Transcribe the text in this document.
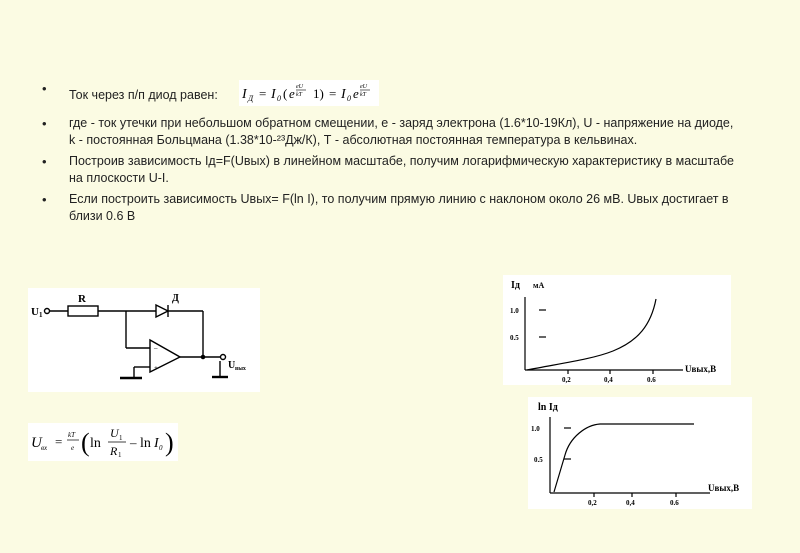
• Ток через п/п диод равен: I Д = I 0 ( e eU
kT 1) = I 0 e eU
kT
• где - ток утечки при небольшом обратном смещении, е - заряд электрона (1.6*10-19Кл), U - напряжение на диоде, k - постоянная Больцмана (1.38*10-²³Дж/К), Т - абсолютная постоянная температура в кельвинах.
• Построив зависимость Iд=F(Uвых) в линейном масштабе, получим логарифмическую характеристику в масштабе на плоскости U-I.
• Если построить зависимость Uвых= F(ln I), то получим прямую линию с наклоном около 26 мВ. Uвых достигает в близи 0.6 В
U 1
R	Д
U вых
–
+
U вх = kT
e ( ln
U 1
R 1
– ln I 0 )
Iд мА
1.0
0.5
0,2	0,4	0.6
Uвых,В
ln Iд
1.0
0.5
0,2	0,4	0.6
Uвых,В
